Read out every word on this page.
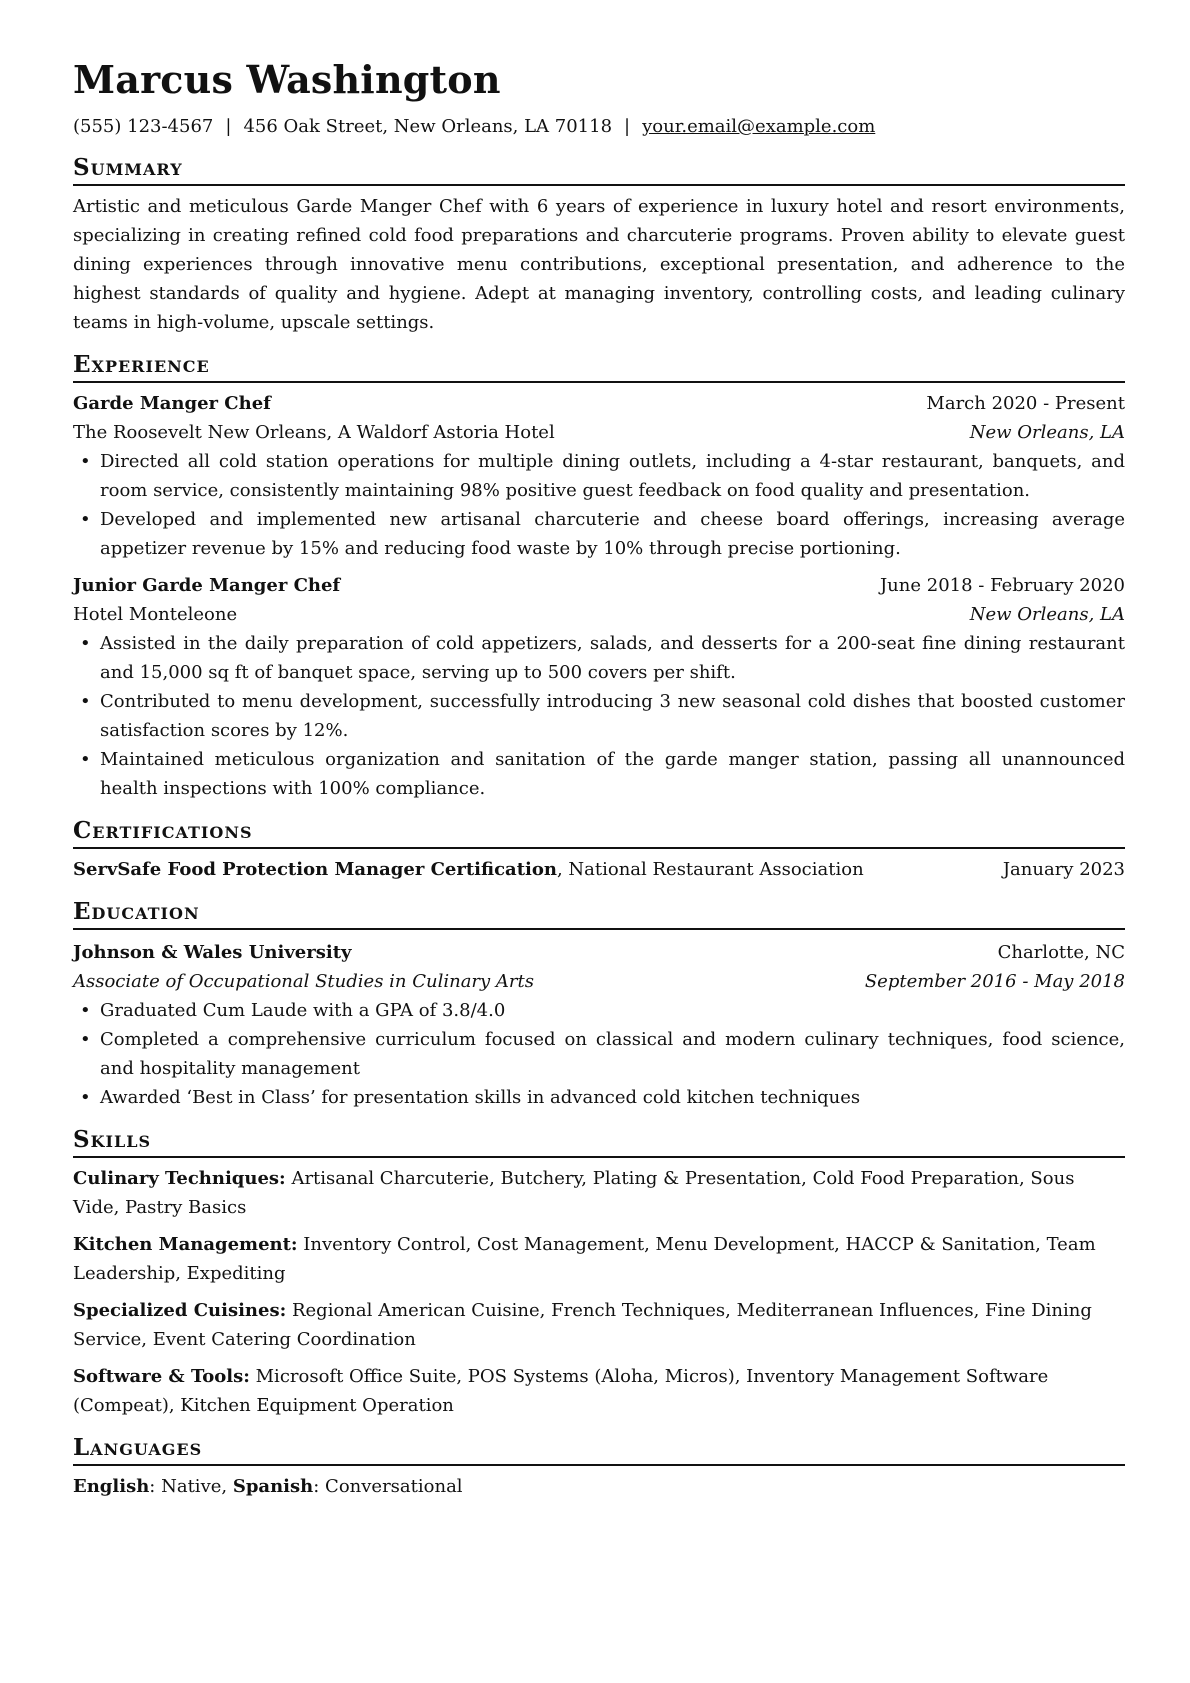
Marcus Washington
(555) 123-4567 | 456 Oak Street, New Orleans, LA 70118 | your.email@example.com
Summary
Artistic and meticulous Garde Manger Chef with 6 years of experience in luxury hotel and resort environments, specializing in creating refined cold food preparations and charcuterie programs. Proven ability to elevate guest dining experiences through innovative menu contributions, exceptional presentation, and adherence to the highest standards of quality and hygiene. Adept at managing inventory, controlling costs, and leading culinary teams in high-volume, upscale settings.
Experience
Garde Manger Chef	March 2020 - Present
The Roosevelt New Orleans, A Waldorf Astoria Hotel	New Orleans, LA
• Directed all cold station operations for multiple dining outlets, including a 4-star restaurant, banquets, and room service, consistently maintaining 98% positive guest feedback on food quality and presentation.
• Developed and implemented new artisanal charcuterie and cheese board offerings, increasing average appetizer revenue by 15% and reducing food waste by 10% through precise portioning.
Junior Garde Manger Chef	June 2018 - February 2020
Hotel Monteleone	New Orleans, LA
• Assisted in the daily preparation of cold appetizers, salads, and desserts for a 200-seat fine dining restaurant and 15,000 sq ft of banquet space, serving up to 500 covers per shift.
• Contributed to menu development, successfully introducing 3 new seasonal cold dishes that boosted customer satisfaction scores by 12%.
• Maintained meticulous organization and sanitation of the garde manger station, passing all unannounced health inspections with 100% compliance.
Certifications
ServSafe Food Protection Manager Certification, National Restaurant Association	January 2023
Education
Johnson & Wales University	Charlotte, NC
Associate of Occupational Studies in Culinary Arts	September 2016 - May 2018
• Graduated Cum Laude with a GPA of 3.8/4.0
• Completed a comprehensive curriculum focused on classical and modern culinary techniques, food science, and hospitality management
• Awarded ‘Best in Class’ for presentation skills in advanced cold kitchen techniques
Skills
Culinary Techniques: Artisanal Charcuterie, Butchery, Plating & Presentation, Cold Food Preparation, Sous Vide, Pastry Basics
Kitchen Management: Inventory Control, Cost Management, Menu Development, HACCP & Sanitation, Team Leadership, Expediting
Specialized Cuisines: Regional American Cuisine, French Techniques, Mediterranean Influences, Fine Dining Service, Event Catering Coordination
Software & Tools: Microsoft Office Suite, POS Systems (Aloha, Micros), Inventory Management Software (Compeat), Kitchen Equipment Operation
Languages
English: Native, Spanish: Conversational
